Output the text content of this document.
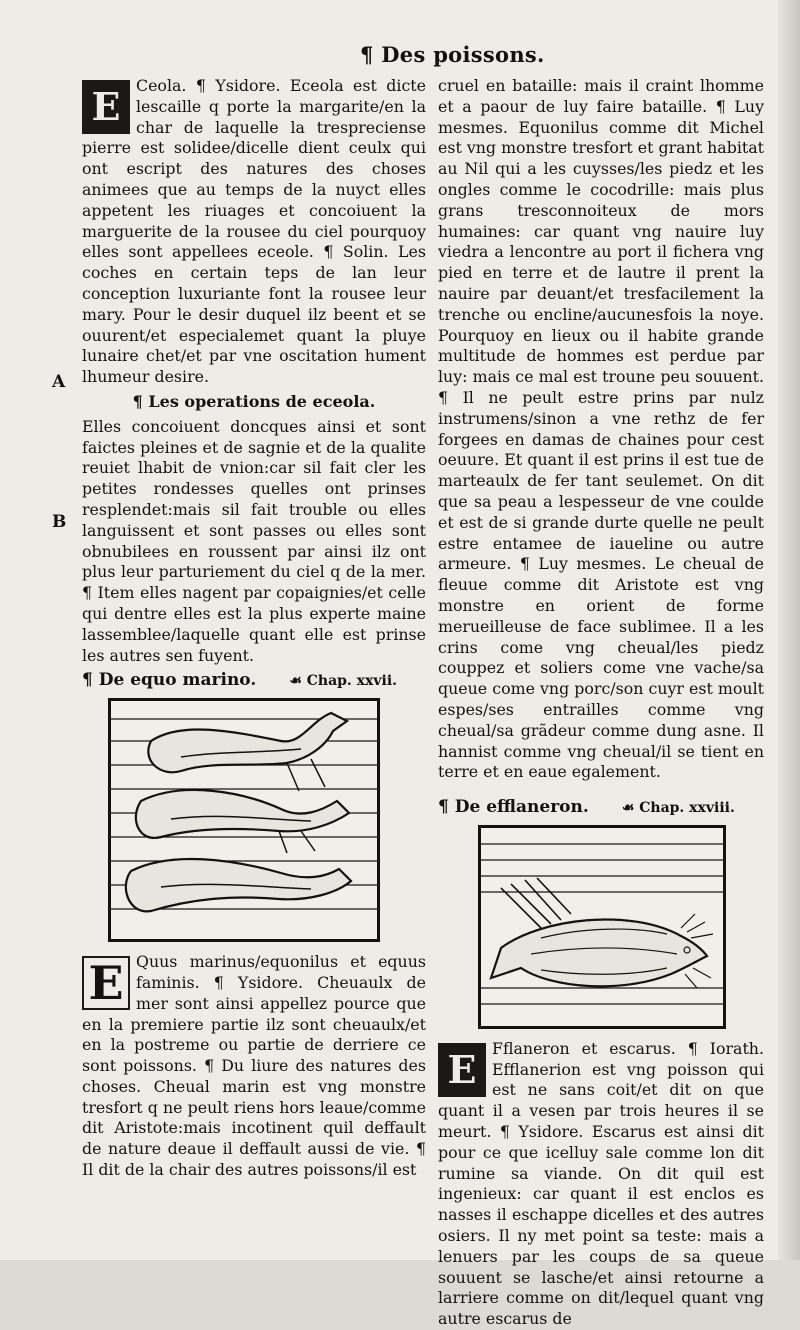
¶ Des poissons.
A
B

E Ceola. ¶ Ysidore. Eceola est dicte lescaille q porte la margarite/en la char de laquelle la trespreciense pierre est solidee/dicelle dient ceulx qui ont escript des natures des choses animees que au temps de la nuyct elles appetent les riuages et concoiuent la marguerite de la rousee du ciel pourquoy elles sont appellees eceole. ¶ Solin. Les coches en certain teps de lan leur conception luxuriante font la rousee leur mary. Pour le desir duquel ilz beent et se ouurent/et especialemet quant la pluye lunaire chet/et par vne oscitation hument lhumeur desire.

¶ Les operations de eceola.

Elles concoiuent doncques ainsi et sont faictes pleines et de sagnie et de la qualite reuiet lhabit de vnion:car sil fait cler les petites rondesses quelles ont prinses resplendet:mais sil fait trouble ou elles languissent et sont passes ou elles sont obnubilees en roussent par ainsi ilz ont plus leur parturiement du ciel q de la mer. ¶ Item elles nagent par copaignies/et celle qui dentre elles est la plus experte maine lassemblee/laquelle quant elle est prinse les autres sen fuyent.

¶ De equo marino. ☙ Chap. xxvii.

E Quus marinus/equonilus et equus faminis. ¶ Ysidore. Cheuaulx de mer sont ainsi appellez pource que en la premiere partie ilz sont cheuaulx/et en la postreme ou partie de derriere ce sont poissons. ¶ Du liure des natures des choses. Cheual marin est vng monstre tresfort q ne peult riens hors leaue/comme dit Aristote:mais incotinent quil deffault de nature deaue il deffault aussi de vie. ¶ Il dit de la chair des autres poissons/il est

cruel en bataille: mais il craint lhomme et a paour de luy faire bataille. ¶ Luy mesmes. Equonilus comme dit Michel est vng monstre tresfort et grant habitat au Nil qui a les cuysses/les piedz et les ongles comme le cocodrille: mais plus grans tresconnoiteux de mors humaines: car quant vng nauire luy viedra a lencontre au port il fichera vng pied en terre et de lautre il prent la nauire par deuant/et tresfacilement la trenche ou encline/aucunesfois la noye. Pourquoy en lieux ou il habite grande multitude de hommes est perdue par luy: mais ce mal est troune peu souuent. ¶ Il ne peult estre prins par nulz instrumens/sinon a vne rethz de fer forgees en damas de chaines pour cest oeuure. Et quant il est prins il est tue de marteaulx de fer tant seulemet. On dit que sa peau a lespesseur de vne coulde et est de si grande durte quelle ne peult estre entamee de iaueline ou autre armeure. ¶ Luy mesmes. Le cheual de fleuue comme dit Aristote est vng monstre en orient de forme merueilleuse de face sublimee. Il a les crins come vng cheual/les piedz couppez et soliers come vne vache/sa queue come vng porc/son cuyr est moult espes/ses entrailles comme vng cheual/sa grãdeur comme dung asne. Il hannist comme vng cheual/il se tient en terre et en eaue egalement.

¶ De efflaneron. ☙ Chap. xxviii.

E Fflaneron et escarus. ¶ Iorath. Efflanerion est vng poisson qui est ne sans coit/et dit on que quant il a vesen par trois heures il se meurt. ¶ Ysidore. Escarus est ainsi dit pour ce que icelluy sale comme lon dit rumine sa viande. On dit quil est ingenieux: car quant il est enclos es nasses il eschappe dicelles et des autres osiers. Il ny met point sa teste: mais a lenuers par les coups de sa queue souuent se lasche/et ainsi retourne a larriere comme on dit/lequel quant vng autre escarus de
